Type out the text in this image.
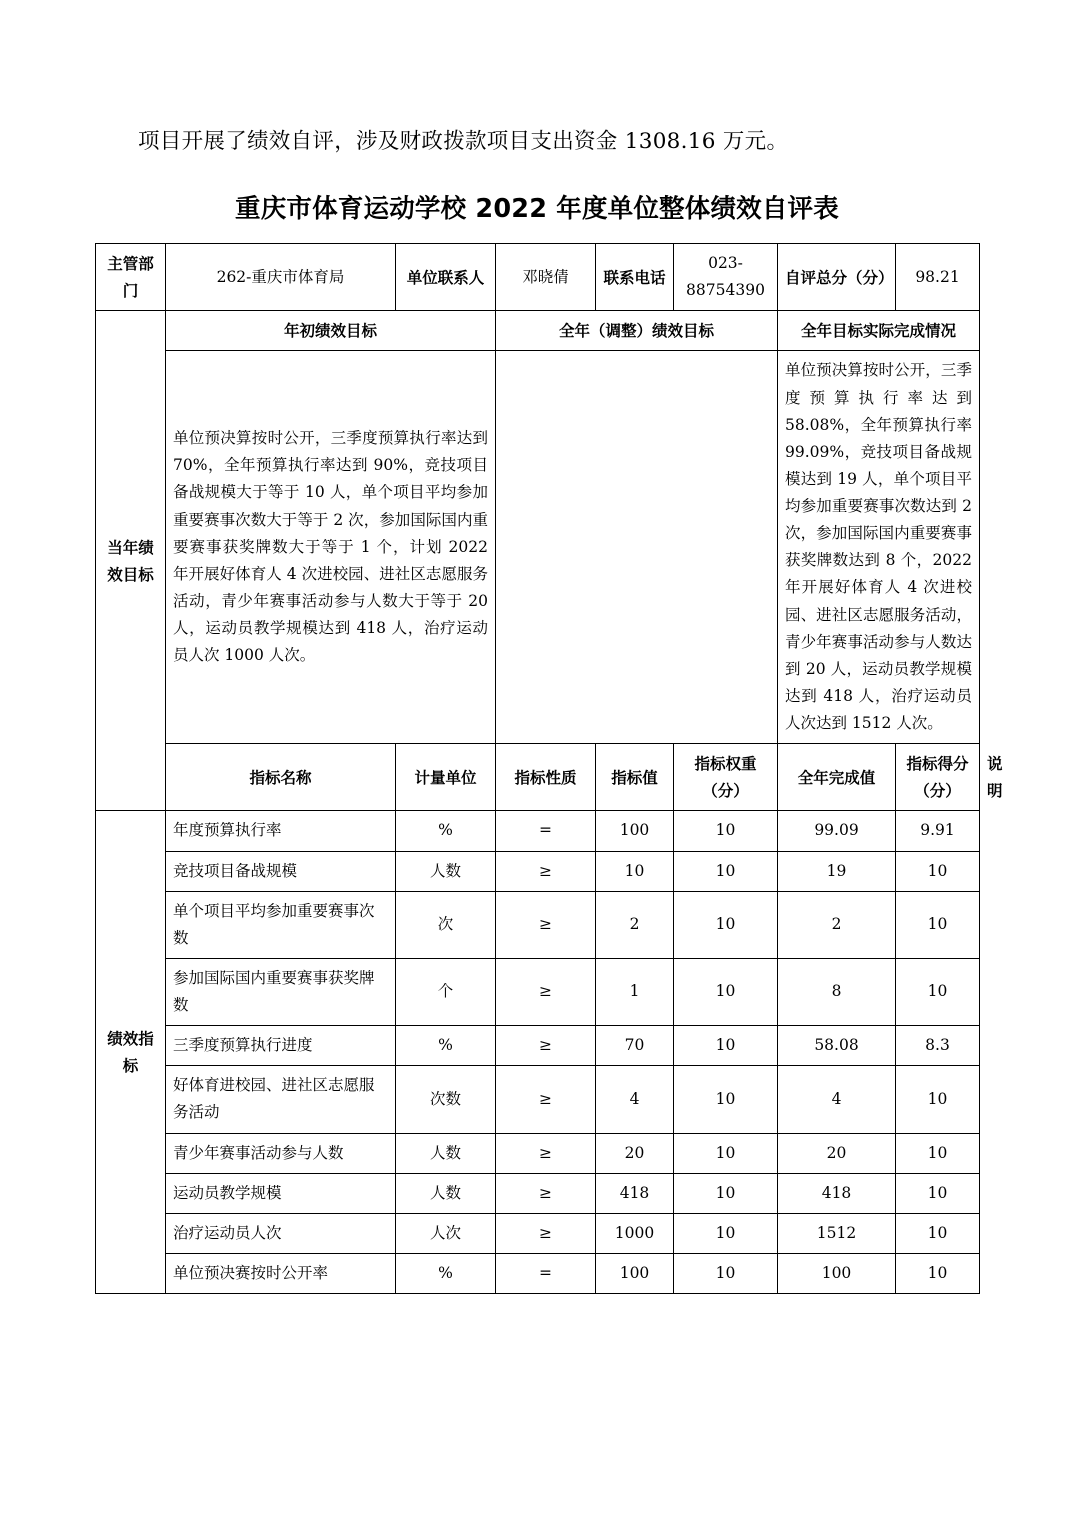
项目开展了绩效自评，涉及财政拨款项目支出资金 1308.16 万元。

重庆市体育运动学校 2022 年度单位整体绩效自评表
主管部门	262-重庆市体育局	单位联系人	邓晓倩	联系电话	023-88754390	自评总分（分）	98.21	
当年绩效目标	年初绩效目标		全年（调整）绩效目标			全年目标实际完成情况		
	单位预决算按时公开，三季度预算执行率达到 70%，全年预算执行率达到 90%，竞技项目备战规模大于等于 10 人，单个项目平均参加重要赛事次数大于等于 2 次，参加国际国内重要赛事获奖牌数大于等于 1 个，计划 2022 年开展好体育人 4 次进校园、进社区志愿服务活动，青少年赛事活动参与人数大于等于 20 人，运动员教学规模达到 418 人，治疗运动员人次 1000 人次。					单位预决算按时公开，三季度预算执行率达到 58.08%，全年预算执行率 99.09%，竞技项目备战规模达到 19 人，单个项目平均参加重要赛事次数达到 2 次，参加国际国内重要赛事获奖牌数达到 8 个，2022 年开展好体育人 4 次进校园、进社区志愿服务活动，青少年赛事活动参与人数达到 20 人，运动员教学规模达到 418 人，治疗运动员人次达到 1512 人次。		
	指标名称	计量单位	指标性质	指标值	指标权重（分）	全年完成值	指标得分（分）	说明
绩效指标	年度预算执行率	%	=	100	10	99.09	9.91	
	竞技项目备战规模	人数	≥	10	10	19	10	
	单个项目平均参加重要赛事次数	次	≥	2	10	2	10	
	参加国际国内重要赛事获奖牌数	个	≥	1	10	8	10	
	三季度预算执行进度	%	≥	70	10	58.08	8.3	
	好体育进校园、进社区志愿服务活动	次数	≥	4	10	4	10	
	青少年赛事活动参与人数	人数	≥	20	10	20	10	
	运动员教学规模	人数	≥	418	10	418	10	
	治疗运动员人次	人次	≥	1000	10	1512	10	
	单位预决赛按时公开率	%	=	100	10	100	10	
